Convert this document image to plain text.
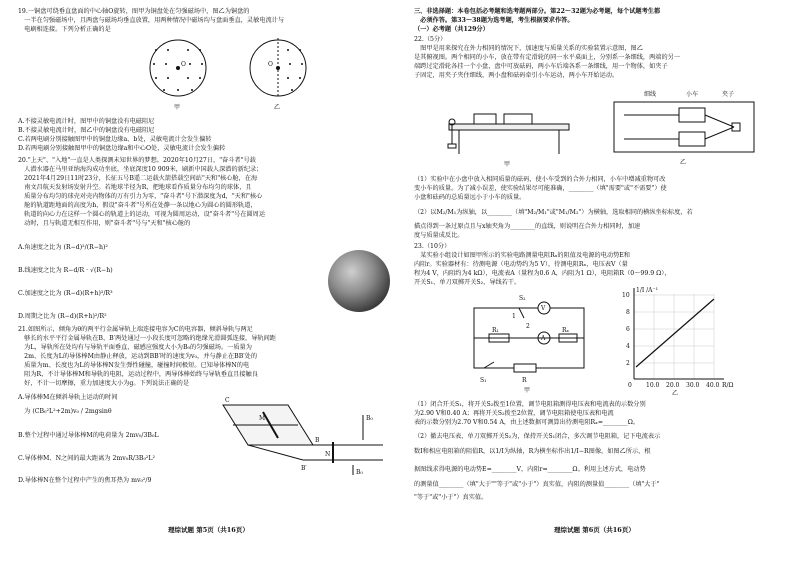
19.一铜盘可绕垂直盘面的中心轴O旋转，图甲为铜盘处在匀强磁场中，图乙为铜盘的
　一半在匀强磁场中，且两盘与磁场均垂直放置，用两种情况中磁场均与盘面垂直，灵敏电流计与
　电刷相连接。下列分析正确的是
O
甲
O
乙
A.不接灵敏电流计时，图甲中的铜盘没有电磁阻尼
B.不接灵敏电流计时，图乙中的铜盘没有电磁阻尼
C.若两电刷分别接触图甲中的铜盘边缘a、b处，灵敏电流计会发生偏转
D.若两电刷分别接触图甲中的铜盘边缘a和中心O处，灵敏电流计会发生偏转
20."上天"、"入地"一直是人类探测未知世界的梦想。2020年10月27日，"奋斗者"号载
　人潜水器在马里亚纳海沟成功坐底，坐底深度10 909米，刷新中国载人深潜的新纪录；
　2021年4月29日11时23分，长征五号B遥二运载火箭搭载空间站"天和"核心舱，在海
　南文昌航天发射场发射升空。若地球半径为R，把地球看作质量分布均匀的球体，且
　质量分布均匀的球壳对壳内物体的万有引力为零，"奋斗者"号下潜深度为d，"天和"核心
　舱的轨道距地面的高度为h，假设"奋斗者"号所在处静一条以地心为圆心的圆形轨道，
　轨道的向心力在这样一个圆心的轨道上的运动，可视为圆周运动，设"奋斗者"号在圆周运
　动时，且与轨道无相互作用，则"奋斗者"号与"天和"核心舱的
A.角速度之比为 (R−d)²/(R−h)²
B.线速度之比为 R−d/R · √(R−h)
C.加速度之比为 (R−d)(R+h)²/R³
D.周期之比为 (R−d)(R+h)²/R²
21.如图所示，倾角为θ的两平行金属导轨上端连接电容为C的电容器，倾斜导轨与两足
　够长的水平平行金属导轨在B、B′两处通过一小段长度可忽略的绝缘光滑圆弧连接，导轨间距
　为L，导轨所在处均有与导轨平面垂直，磁感应强度大小为B₀的匀强磁场。一质量为
　2m、长度为L的导体棒M由静止释放，运动到BB′时的速度为v₀，并与静止在BB′处的
　质量为m、长度也为L的导体棒N发生弹性碰撞，碰撞时间极短。已知导体棒N的电
　阻为R，不计导体棒M和导轨的电阻，运动过程中，两导体棒始终与导轨垂直且接触良
　好，不计一切摩擦，重力加速度大小为g。下列说法正确的是
A.导体棒M在倾斜导轨上运动的时间
　为 (CB₀²L²+2m)v₀ / 2mgsinθ
B.整个过程中通过导体棒M的电荷量为 2mv₀/3B₀L
C.导体棒M、N之间的最大距离为 2mv₀R/3B₀²L²
D.导体棒N在整个过程中产生的焦耳热为 mv₀²/9
C
B
B′
M
N
B₀
B₀
理综试题 第5页（共16页）
三、非选择题：本卷包括必考题和选考题两部分。第22～32题为必考题，每个试题考生都
　必须作答。第33～38题为选考题，考生根据要求作答。
（一）必考题（共129分）
22.（5分）
　图甲是用来探究在外力相同的情况下，加速度与质量关系的实验装置示意图，图乙
是其俯视图。两个相同的小车，放在带有定滑轮的同一水平桌面上，分别系一条细线，两端的另一
端跨过定滑轮各挂一个小盘，盘中可放砝码，两小车后端各系一条细线，用一个物体，如夹子
子固定，用夹子夹住细线，两小盘和砝码牵引小车运动，两小车开始运动。
甲	乙
细线	小车	夹子
（1）实验中在小盘中放入相同质量的砝码，使小车受到的合外力相同，小车中增减重物可改
变小车的质量。为了减小误差，使实验结果尽可能准确，________（填"需要"或"不需要"）使
小盘和砝码的总质量远小于小车的质量。
（2）以M₂/M₁为纵轴，以________（填"M₂/M₁"或"M₁/M₂"）为横轴，选取相同的横纵坐标标度，若
描点得到一条过原点且与x轴夹角为________的直线，则说明在合外力相同时，加速
度与质量成反比。
23.（10分）
　某实验小组设计如图甲所示的实验电路测量电阻Rₓ的阻值及电源的电动势E和
内阻r。实验器材有：待测电源（电动势约为5 V），待测电阻Rₓ，电压表V（量
程为4 V，内阻约为4 kΩ），电流表A（量程为0.6 A，内阻为1 Ω），电阻箱R（0～99.9 Ω），
开关S₁、单刀双掷开关S₂，导线若干。
V
A
R₁	Rₓ
R
S₁
S₂
1
2
甲
1/I /A⁻¹
R/Ω
0 10.0 20.0 30.0 40.0
2
4
6
8
10
乙
（1）闭合开关S₁，将开关S₂拨至1位置，调节电阻箱测得电压表和电流表的示数分别
为2.90 V和0.40 A；再将开关S₂拨至2位置，调节电阻箱使电压表和电流
表的示数分别为2.70 V和0.54 A，由上述数据可测算出待测电阻Rₓ=________Ω。
（2）撤去电压表、单刀双掷开关S₂为，保持开关S₁闭合，多次调节电阻箱，记下电流表示
数I和相应电阻箱的阻值R，以1/I为纵轴，R为横坐标作出1/I−R图像，如图乙所示，根
据图线求得电源的电动势E=________V，内阻r=________Ω。利用上述方式，电动势
的测量值________（填"大于""等于"或"小于"）真实值，内阻的测量值________（填"大于"
"等于"或"小于"）真实值。
理综试题 第6页（共16页）
